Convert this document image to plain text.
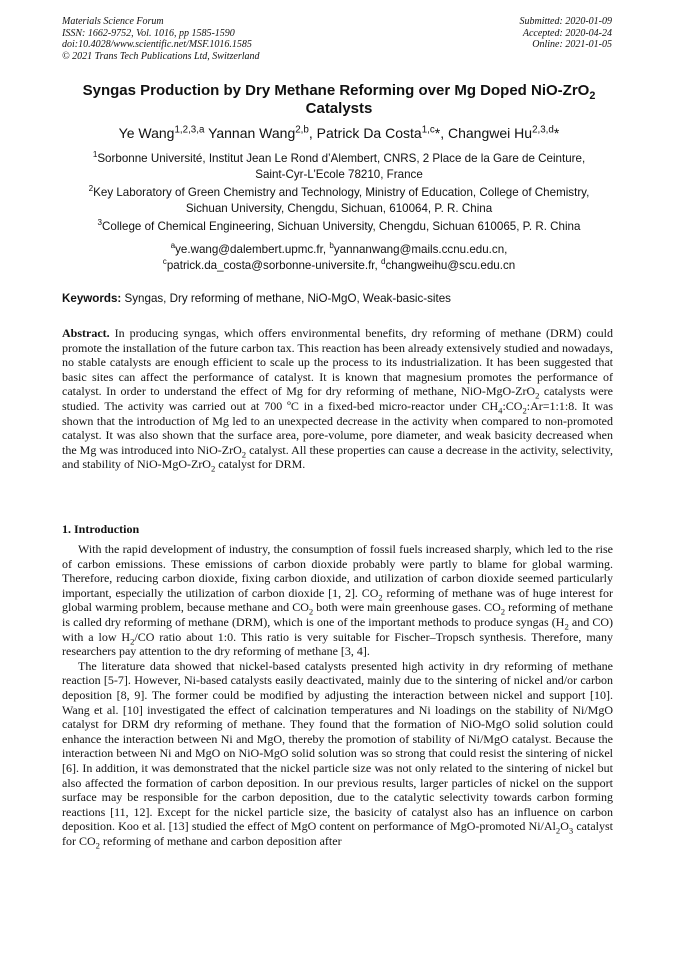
Materials Science Forum
ISSN: 1662-9752, Vol. 1016, pp 1585-1590
doi:10.4028/www.scientific.net/MSF.1016.1585
© 2021 Trans Tech Publications Ltd, Switzerland
Submitted: 2020-01-09
Accepted: 2020-04-24
Online: 2021-01-05
Syngas Production by Dry Methane Reforming over Mg Doped NiO-ZrO$_2$
Catalysts
Ye Wang$^{1,2,3,a}$ Yannan Wang$^{2,b}$, Patrick Da Costa$^{1,c}$*, Changwei Hu$^{2,3,d}$*
$^1$Sorbonne Université, Institut Jean Le Rond d’Alembert, CNRS, 2 Place de la Gare de Ceinture,
Saint-Cyr-L’Ecole 78210, France
$^2$Key Laboratory of Green Chemistry and Technology, Ministry of Education, College of Chemistry,
Sichuan University, Chengdu, Sichuan, 610064, P. R. China
$^3$College of Chemical Engineering, Sichuan University, Chengdu, Sichuan 610065, P. R. China
$^a$ye.wang@dalembert.upmc.fr, $^b$yannanwang@mails.ccnu.edu.cn,
$^c$patrick.da_costa@sorbonne-universite.fr, $^d$changweihu@scu.edu.cn
Keywords: Syngas, Dry reforming of methane, NiO-MgO, Weak-basic-sites
Abstract. In producing syngas, which offers environmental benefits, dry reforming of methane (DRM) could promote the installation of the future carbon tax. This reaction has been already extensively studied and nowadays, no stable catalysts are enough efficient to scale up the process to its industrialization. It has been suggested that basic sites can affect the performance of catalyst. It is known that magnesium promotes the performance of catalyst. In order to understand the effect of Mg for dry reforming of methane, NiO-MgO-ZrO$_2$ catalysts were studied. The activity was carried out at 700 ºC in a fixed-bed micro-reactor under $CH_4:CO_2:Ar=1:1:8$. It was shown that the introduction of Mg led to an unexpected decrease in the activity when compared to non-promoted catalyst. It was also shown that the surface area, pore-volume, pore diameter, and weak basicity decreased when the Mg was introduced into NiO-ZrO$_2$ catalyst. All these properties can cause a decrease in the activity, selectivity, and stability of NiO-MgO-ZrO$_2$ catalyst for DRM.
1. Introduction

With the rapid development of industry, the consumption of fossil fuels increased sharply, which led to the rise of carbon emissions. These emissions of carbon dioxide probably were partly to blame for global warming. Therefore, reducing carbon dioxide, fixing carbon dioxide, and utilization of carbon dioxide seemed particularly important, especially the utilization of carbon dioxide [1, 2]. $CO_2$ reforming of methane was of huge interest for global warming problem, because methane and $CO_2$ both were main greenhouse gases. $CO_2$ reforming of methane is called dry reforming of methane (DRM), which is one of the important methods to produce syngas ($H_2$ and CO) with a low $H_2/CO$ ratio about 1:0. This ratio is very suitable for Fischer–Tropsch synthesis. Therefore, many researchers pay attention to the dry reforming of methane [3, 4].

The literature data showed that nickel-based catalysts presented high activity in dry reforming of methane reaction [5-7]. However, Ni-based catalysts easily deactivated, mainly due to the sintering of nickel and/or carbon deposition [8, 9]. The former could be modified by adjusting the interaction between nickel and support [10]. Wang et al. [10] investigated the effect of calcination temperatures and Ni loadings on the stability of Ni/MgO catalyst for DRM dry reforming of methane. They found that the formation of NiO-MgO solid solution could enhance the interaction between Ni and MgO, thereby the promotion of stability of Ni/MgO catalyst. Because the interaction between Ni and MgO on NiO-MgO solid solution was so strong that could resist the sintering of nickel [6]. In addition, it was demonstrated that the nickel particle size was not only related to the sintering of nickel but also affected the formation of carbon deposition. In our previous results, larger particles of nickel on the support surface may be responsible for the carbon deposition, due to the catalytic selectivity towards carbon forming reactions [11, 12]. Except for the nickel particle size, the basicity of catalyst also has an influence on carbon deposition. Koo et al. [13] studied the effect of MgO content on performance of MgO-promoted $Ni/Al_2O_3$ catalyst for $CO_2$ reforming of methane and carbon deposition after
